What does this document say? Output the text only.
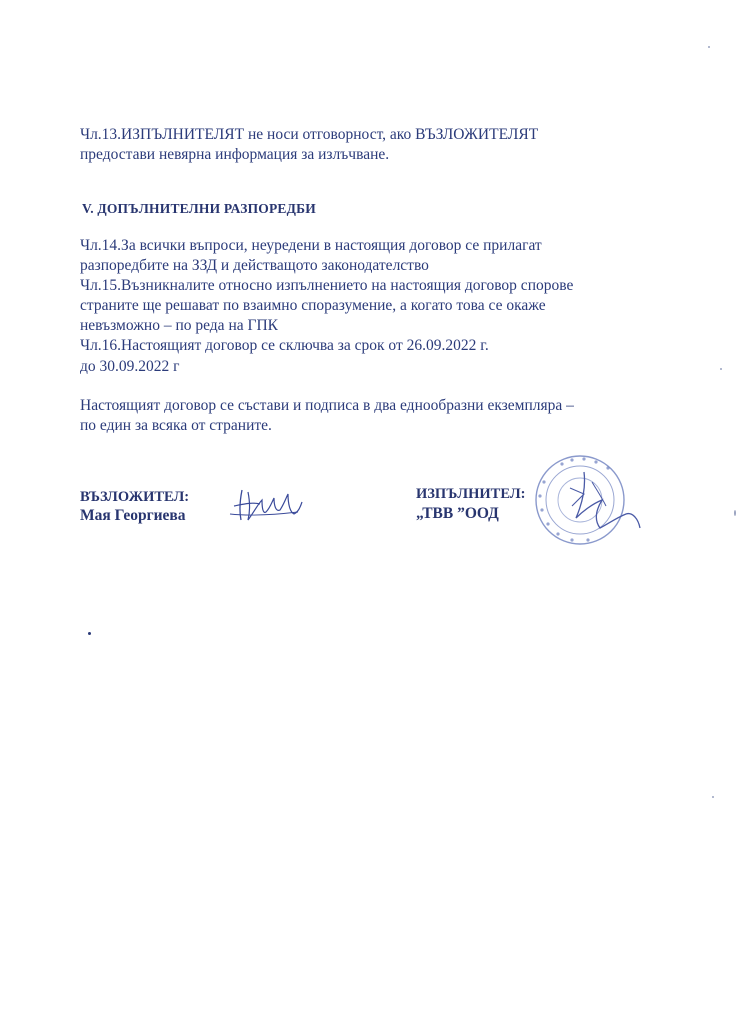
Чл.13.ИЗПЪЛНИТЕЛЯТ не носи отговорност, ако ВЪЗЛОЖИТЕЛЯТ
предостави невярна информация за излъчване.
V. ДОПЪЛНИТЕЛНИ РАЗПОРЕДБИ
Чл.14.За всички въпроси, неуредени в настоящия договор се прилагат
разпоредбите на ЗЗД и действащото законодателство
Чл.15.Възникналите относно изпълнението на настоящия договор спорове
страните ще решават по взаимно споразумение, а когато това се окаже
невъзможно – по реда на ГПК
Чл.16.Настоящият договор се сключва за срок от 26.09.2022 г.
до 30.09.2022 г
Настоящият договор се състави и подписа в два еднообразни екземпляра –
по един за всяка от страните.
ВЪЗЛОЖИТЕЛ:
Мая Георгиева
ИЗПЪЛНИТЕЛ:
„ТВВ ”ООД
